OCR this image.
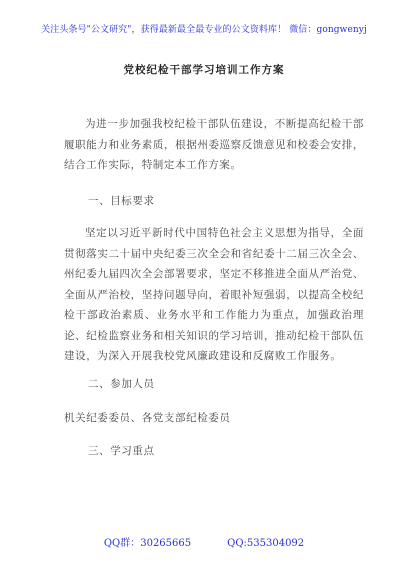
关注头条号"公文研究"，获得最新最全最专业的公文资料库！ 微信：gongwenyj
党校纪检干部学习培训工作方案
为进一步加强我校纪检干部队伍建设，不断提高纪检干部履职能力和业务素质，根据州委巡察反馈意见和校委会安排，结合工作实际，特制定本工作方案。
一、目标要求
坚定以习近平新时代中国特色社会主义思想为指导，全面贯彻落实二十届中央纪委三次全会和省纪委十二届三次全会、州纪委九届四次全会部署要求，坚定不移推进全面从严治党、全面从严治校，坚持问题导向，着眼补短强弱，以提高全校纪检干部政治素质、业务水平和工作能力为重点，加强政治理论、纪检监察业务和相关知识的学习培训，推动纪检干部队伍建设，为深入开展我校党风廉政建设和反腐败工作服务。
二、参加人员
机关纪委委员、各党支部纪检委员
三、学习重点
QQ群：30265665	QQ:535304092
